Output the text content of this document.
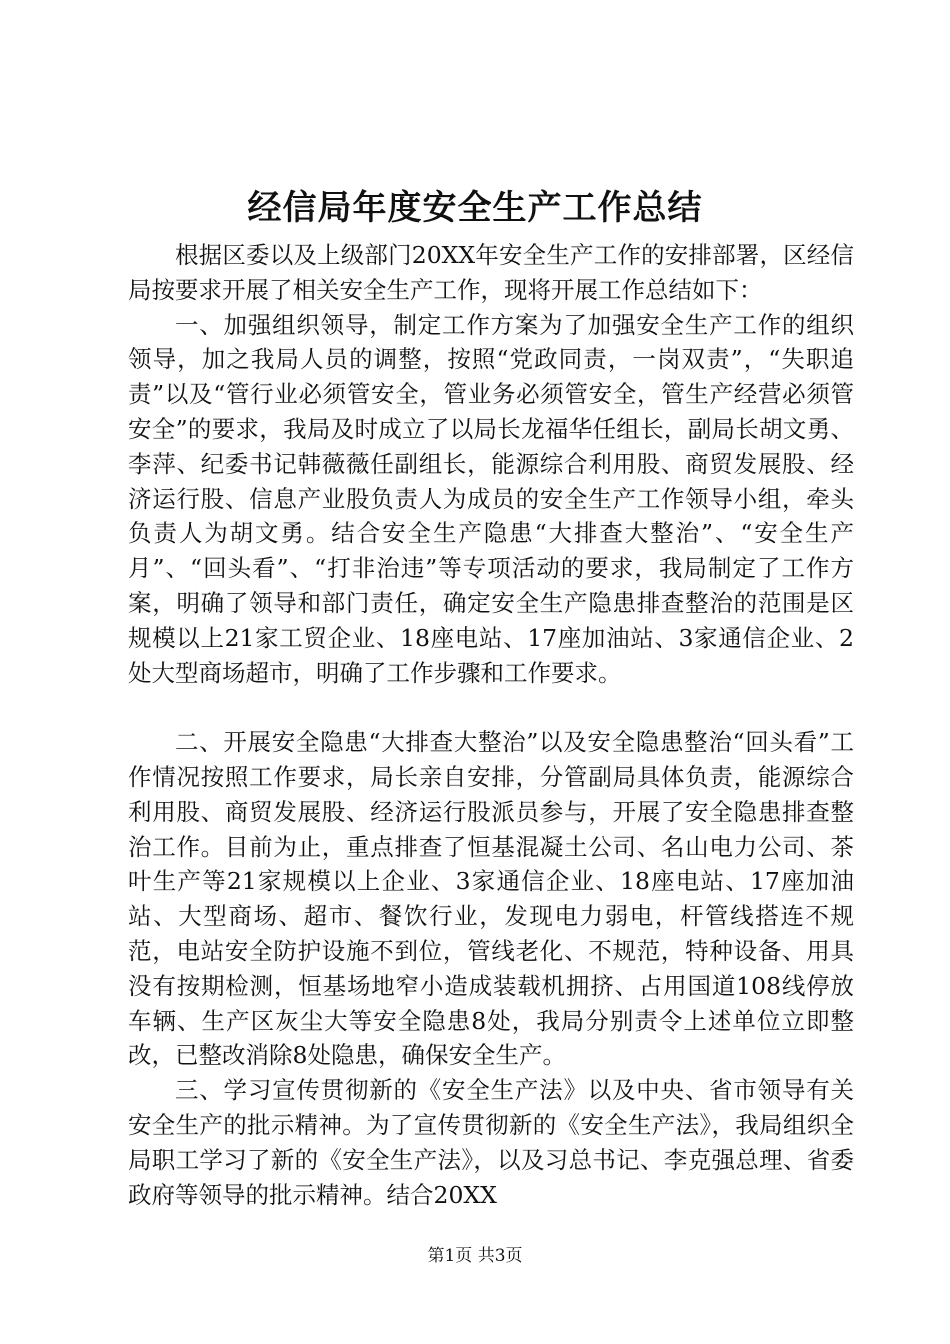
经信局年度安全生产工作总结

根据区委以及上级部门20XX年安全生产工作的安排部署，区经信局按要求开展了相关安全生产工作，现将开展工作总结如下：

一、加强组织领导，制定工作方案为了加强安全生产工作的组织领导，加之我局人员的调整，按照“党政同责，一岗双责”，“失职追责”以及“管行业必须管安全，管业务必须管安全，管生产经营必须管安全”的要求，我局及时成立了以局长龙福华任组长，副局长胡文勇、李萍、纪委书记韩薇薇任副组长，能源综合利用股、商贸发展股、经济运行股、信息产业股负责人为成员的安全生产工作领导小组，牵头负责人为胡文勇。结合安全生产隐患“大排查大整治”、“安全生产月”、“回头看”、“打非治违”等专项活动的要求，我局制定了工作方案，明确了领导和部门责任，确定安全生产隐患排查整治的范围是区规模以上21家工贸企业、18座电站、17座加油站、3家通信企业、2处大型商场超市，明确了工作步骤和工作要求。

二、开展安全隐患“大排查大整治”以及安全隐患整治“回头看”工作情况按照工作要求，局长亲自安排，分管副局具体负责，能源综合利用股、商贸发展股、经济运行股派员参与，开展了安全隐患排查整治工作。目前为止，重点排查了恒基混凝土公司、名山电力公司、茶叶生产等21家规模以上企业、3家通信企业、18座电站、17座加油站、大型商场、超市、餐饮行业，发现电力弱电，杆管线搭连不规范，电站安全防护设施不到位，管线老化、不规范，特种设备、用具没有按期检测，恒基场地窄小造成装载机拥挤、占用国道108线停放车辆、生产区灰尘大等安全隐患8处，我局分别责令上述单位立即整改，已整改消除8处隐患，确保安全生产。

三、学习宣传贯彻新的《安全生产法》以及中央、省市领导有关安全生产的批示精神。为了宣传贯彻新的《安全生产法》，我局组织全局职工学习了新的《安全生产法》，以及习总书记、李克强总理、省委政府等领导的批示精神。结合20XX

第1页 共3页
